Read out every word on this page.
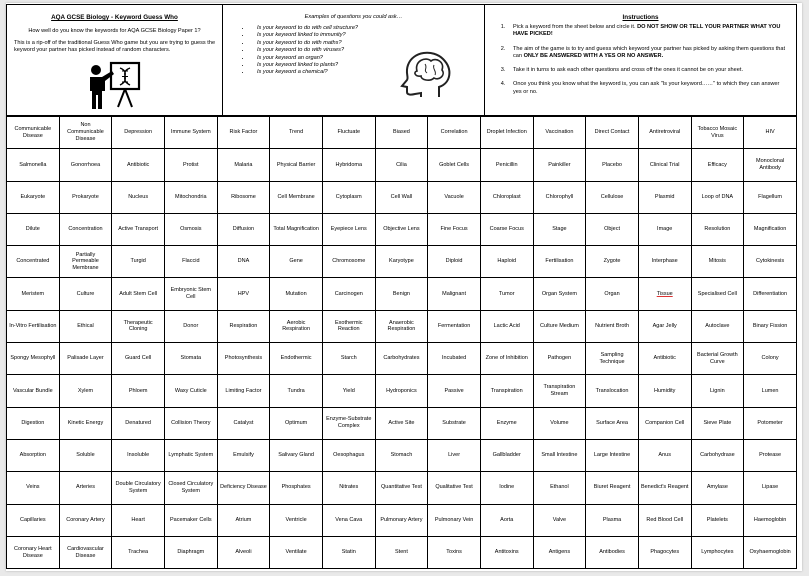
AQA GCSE Biology - Keyword Guess Who
How well do you know the keywords for AQA GCSE Biology Paper 1?
This is a rip-off of the traditional Guess Who game but you are trying to guess the keyword your partner has picked instead of random characters.
Examples of questions you could ask…
• Is your keyword to do with cell structure?
• Is your keyword linked to immunity?
• Is your keyword to do with maths?
• Is your keyword to do with viruses?
• Is your keyword an organ?
• Is your keyword linked to plants?
• Is your keyword a chemical?
Instructions
1. Pick a keyword from the sheet below and circle it. DO NOT SHOW OR TELL YOUR PARTNER WHAT YOU HAVE PICKED!
2. The aim of the game is to try and guess which keyword your partner has picked by asking them questions that can ONLY BE ANSWERED WITH A YES OR NO ANSWER.
3. Take it in turns to ask each other questions and cross off the ones it cannot be on your sheet.
4. Once you think you know what the keyword is, you can ask "Is your keyword……" to which they can answer yes or no.
Communicable Disease	Non Communicable Disease	Depression	Immune System	Risk Factor	Trend	Fluctuate	Biased	Correlation	Droplet Infection	Vaccination	Direct Contact	Antiretroviral	Tobacco Mosaic Virus	HIV
Salmonella	Gonorrhoea	Antibiotic	Protist	Malaria	Physical Barrier	Hybridoma	Cilia	Goblet Cells	Penicillin	Painkiller	Placebo	Clinical Trial	Efficacy	Monoclonal Antibody
Eukaryote	Prokaryote	Nucleus	Mitochondria	Ribosome	Cell Membrane	Cytoplasm	Cell Wall	Vacuole	Chloroplast	Chlorophyll	Cellulose	Plasmid	Loop of DNA	Flagellum
Dilute	Concentration	Active Transport	Osmosis	Diffusion	Total Magnification	Eyepiece Lens	Objective Lens	Fine Focus	Coarse Focus	Stage	Object	Image	Resolution	Magnification
Concentrated	Partially Permeable Membrane	Turgid	Flaccid	DNA	Gene	Chromosome	Karyotype	Diploid	Haploid	Fertilisation	Zygote	Interphase	Mitosis	Cytokinesis
Meristem	Culture	Adult Stem Cell	Embryonic Stem Cell	HPV	Mutation	Carcinogen	Benign	Malignant	Tumor	Organ System	Organ	Tissue	Specialised Cell	Differentiation
In-Vitro Fertilisation	Ethical	Therapeutic Cloning	Donor	Respiration	Aerobic Respiration	Exothermic Reaction	Anaerobic Respiration	Fermentation	Lactic Acid	Culture Medium	Nutrient Broth	Agar Jelly	Autoclave	Binary Fission
Spongy Mesophyll	Palisade Layer	Guard Cell	Stomata	Photosynthesis	Endothermic	Starch	Carbohydrates	Incubated	Zone of Inhibition	Pathogen	Sampling Technique	Antibiotic	Bacterial Growth Curve	Colony
Vascular Bundle	Xylem	Phloem	Waxy Cuticle	Limiting Factor	Tundra	Yield	Hydroponics	Passive	Transpiration	Transpiration Stream	Translocation	Humidity	Lignin	Lumen
Digestion	Kinetic Energy	Denatured	Collision Theory	Catalyst	Optimum	Enzyme-Substrate Complex	Active Site	Substrate	Enzyme	Volume	Surface Area	Companion Cell	Sieve Plate	Potometer
Absorption	Soluble	Insoluble	Lymphatic System	Emulsify	Salivary Gland	Oesophagus	Stomach	Liver	Gallbladder	Small Intestine	Large Intestine	Anus	Carbohydrase	Protease
Veins	Arteries	Double Circulatory System	Closed Circulatory System	Deficiency Disease	Phosphates	Nitrates	Quantitative Test	Qualitative Test	Iodine	Ethanol	Biuret Reagent	Benedict's Reagent	Amylase	Lipase
Capillaries	Coronary Artery	Heart	Pacemaker Cells	Atrium	Ventricle	Vena Cava	Pulmonary Artery	Pulmonary Vein	Aorta	Valve	Plasma	Red Blood Cell	Platelets	Haemoglobin
Coronary Heart Disease	Cardiovascular Disease	Trachea	Diaphragm	Alveoli	Ventilate	Statin	Stent	Toxins	Antitoxins	Antigens	Antibodies	Phagocytes	Lymphocytes	Oxyhaemoglobin
